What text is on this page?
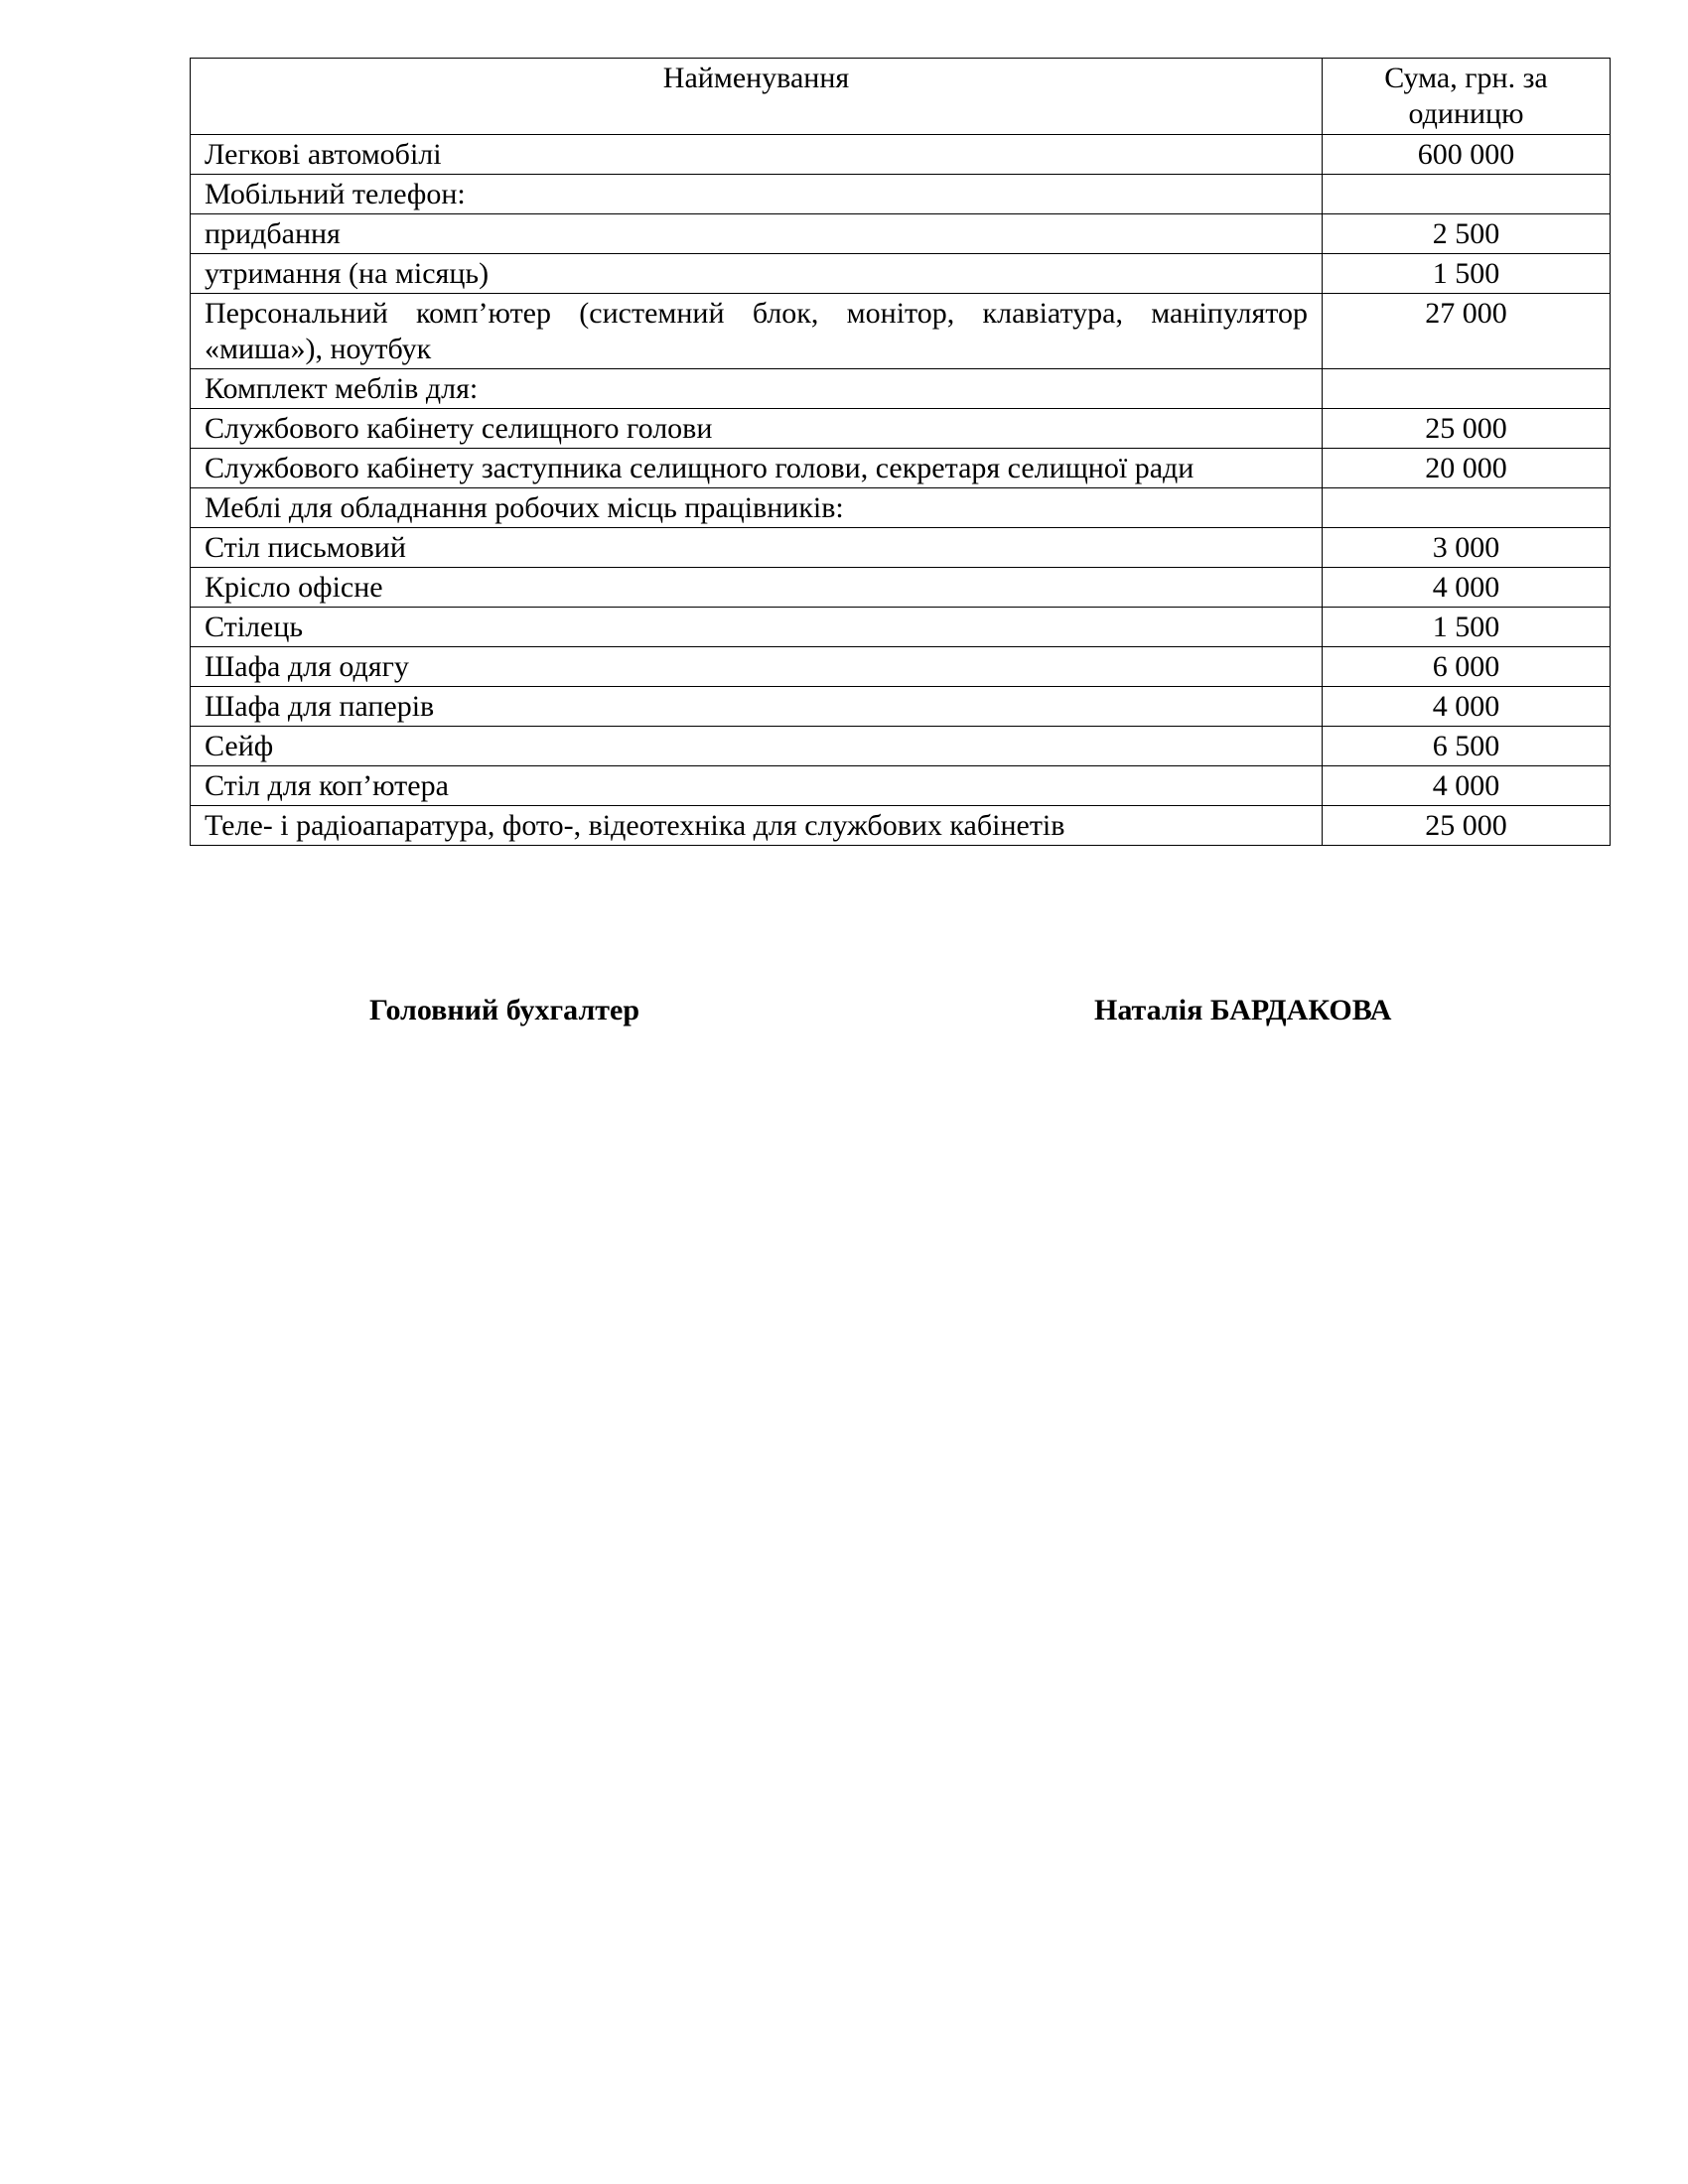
Найменування	Сума, грн. за одиницю
Легкові автомобілі	600 000
Мобільний телефон:	
придбання	2 500
утримання (на місяць)	1 500
Персональний комп’ютер (системний блок, монітор, клавіатура, маніпулятор «миша»), ноутбук	27 000
Комплект меблів для:	
Службового кабінету селищного голови	25 000
Службового кабінету заступника селищного голови, секретаря селищної ради	20 000
Меблі для обладнання робочих місць працівників:	
Стіл письмовий	3 000
Крісло офісне	4 000
Стілець	1 500
Шафа для одягу	6 000
Шафа для паперів	4 000
Сейф	6 500
Стіл для коп’ютера	4 000
Теле- і радіоапаратура, фото-, відеотехніка для службових кабінетів	25 000
Головний бухгалтер	Наталія БАРДАКОВА
